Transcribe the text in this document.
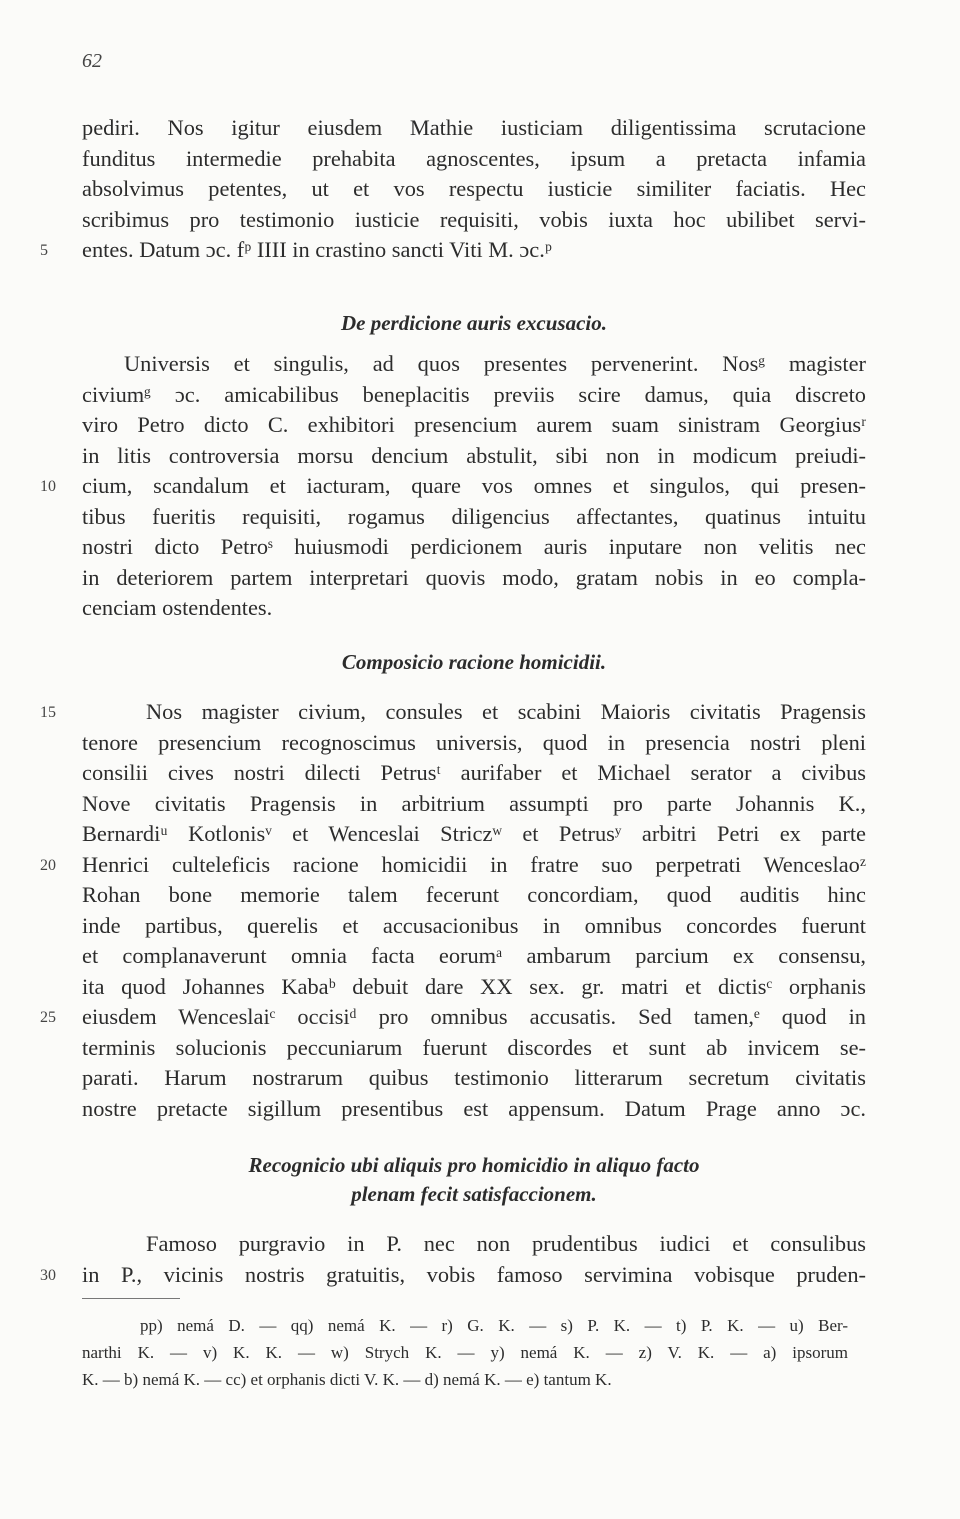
62
pediri. Nos igitur eiusdem Mathie iusticiam diligentissima scrutacione
funditus intermedie prehabita agnoscentes, ipsum a pretacta infamia
absolvimus petentes, ut et vos respectu iusticie similiter faciatis. Hec
scribimus pro testimonio iusticie requisiti, vobis iuxta hoc ubilibet servi-
5	entes. Datum ɔc. fᵖ IIII in crastino sancti Viti M. ɔc.ᵖ
De perdicione auris excusacio.
Universis et singulis, ad quos presentes pervenerint. Nosᵍ magister
civiumᵍ ɔc. amicabilibus beneplacitis previis scire damus, quia discreto
viro Petro dicto C. exhibitori presencium aurem suam sinistram Georgiusʳ
in litis controversia morsu dencium abstulit, sibi non in modicum preiudi-
10	cium, scandalum et iacturam, quare vos omnes et singulos, qui presen-
tibus fueritis requisiti, rogamus diligencius affectantes, quatinus intuitu
nostri dicto Petroˢ huiusmodi perdicionem auris inputare non velitis nec
in deteriorem partem interpretari quovis modo, gratam nobis in eo compla-
cenciam ostendentes.
Composicio racione homicidii.
15	Nos magister civium, consules et scabini Maioris civitatis Pragensis
tenore presencium recognoscimus universis, quod in presencia nostri pleni
consilii cives nostri dilecti Petrusᵗ aurifaber et Michael serator a civibus
Nove civitatis Pragensis in arbitrium assumpti pro parte Johannis K.,
Bernardiᵘ Kotlonisᵛ et Wenceslai Striczʷ et Petrusʸ arbitri Petri ex parte
20	Henrici culteleficis racione homicidii in fratre suo perpetrati Wenceslaoᶻ
Rohan bone memorie talem fecerunt concordiam, quod auditis hinc
inde partibus, querelis et accusacionibus in omnibus concordes fuerunt
et complanaverunt omnia facta eorumᵃ ambarum parcium ex consensu,
ita quod Johannes Kabaᵇ debuit dare XX sex. gr. matri et dictisᶜ orphanis
25	eiusdem Wenceslaiᶜ occisiᵈ pro omnibus accusatis. Sed tamen,ᵉ quod in
terminis solucionis peccuniarum fuerunt discordes et sunt ab invicem se-
parati. Harum nostrarum quibus testimonio litterarum secretum civitatis
nostre pretacte sigillum presentibus est appensum. Datum Prage anno ɔc.
Recognicio ubi aliquis pro homicidio in aliquo facto
plenam fecit satisfaccionem.
Famoso purgravio in P. nec non prudentibus iudici et consulibus
30	in P., vicinis nostris gratuitis, vobis famoso servimina vobisque pruden-
pp) nemá D. — qq) nemá K. — r) G. K. — s) P. K. — t) P. K. — u) Ber-
narthi K. — v) K. K. — w) Strych K. — y) nemá K. — z) V. K. — a) ipsorum
K. — b) nemá K. — cc) et orphanis dicti V. K. — d) nemá K. — e) tantum K.
